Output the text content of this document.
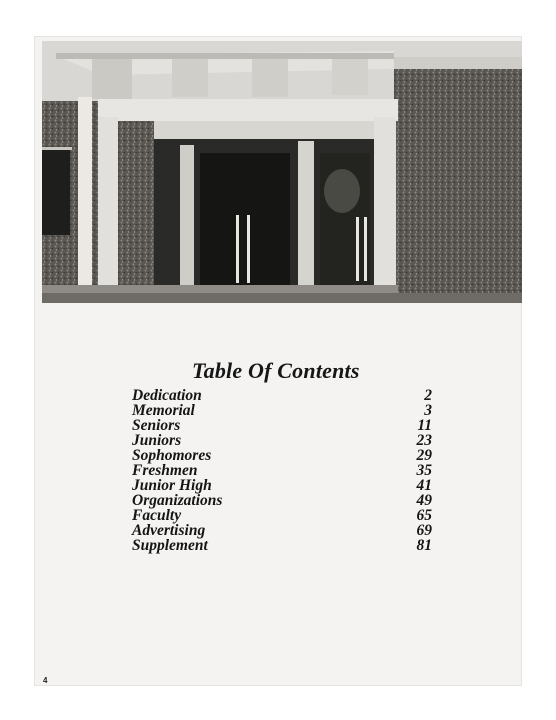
Table Of Contents
Dedication	2
Memorial	3
Seniors	11
Juniors	23
Sophomores	29
Freshmen	35
Junior High	41
Organizations	49
Faculty	65
Advertising	69
Supplement	81
4
